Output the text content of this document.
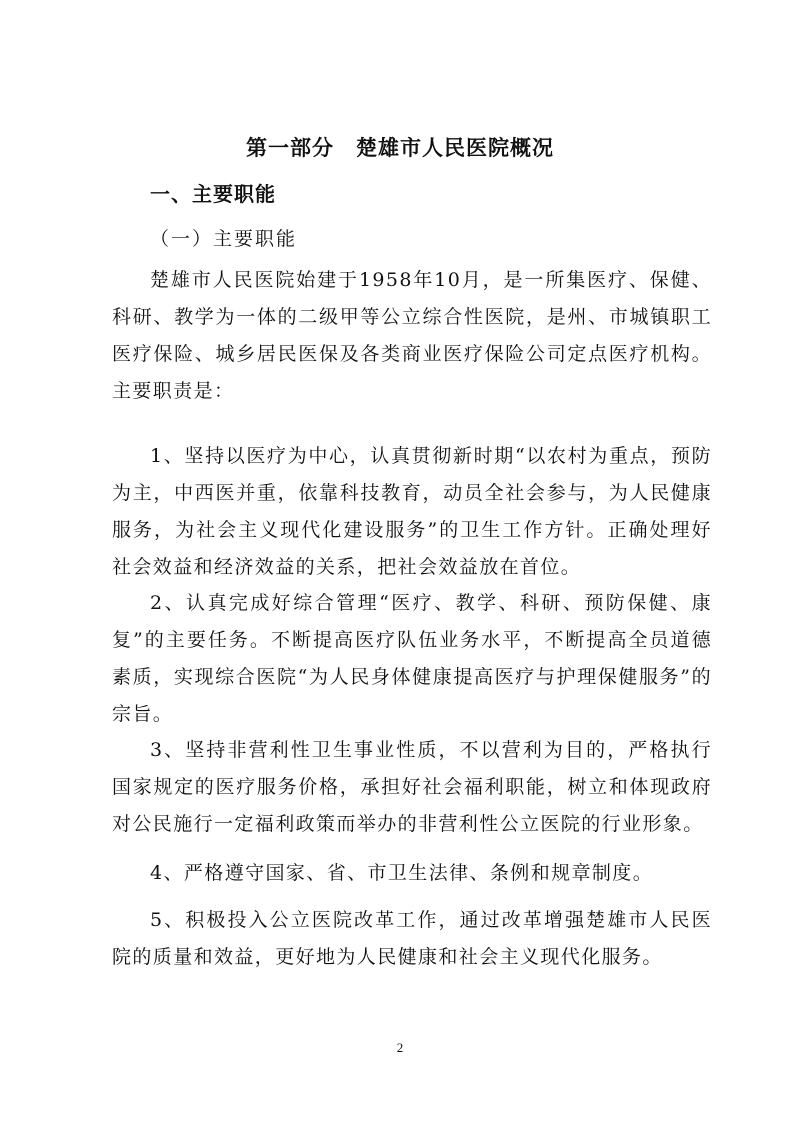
第一部分　楚雄市人民医院概况
一、主要职能
（一）主要职能

楚雄市人民医院始建于1958年10月，是一所集医疗、保健、科研、教学为一体的二级甲等公立综合性医院，是州、市城镇职工医疗保险、城乡居民医保及各类商业医疗保险公司定点医疗机构。主要职责是：

1、坚持以医疗为中心，认真贯彻新时期“以农村为重点，预防为主，中西医并重，依靠科技教育，动员全社会参与，为人民健康服务，为社会主义现代化建设服务”的卫生工作方针。正确处理好社会效益和经济效益的关系，把社会效益放在首位。

2、认真完成好综合管理“医疗、教学、科研、预防保健、康复”的主要任务。不断提高医疗队伍业务水平，不断提高全员道德素质，实现综合医院“为人民身体健康提高医疗与护理保健服务”的宗旨。

3、坚持非营利性卫生事业性质，不以营利为目的，严格执行国家规定的医疗服务价格，承担好社会福利职能，树立和体现政府对公民施行一定福利政策而举办的非营利性公立医院的行业形象。

4、严格遵守国家、省、市卫生法律、条例和规章制度。

5、积极投入公立医院改革工作，通过改革增强楚雄市人民医院的质量和效益，更好地为人民健康和社会主义现代化服务。

2
